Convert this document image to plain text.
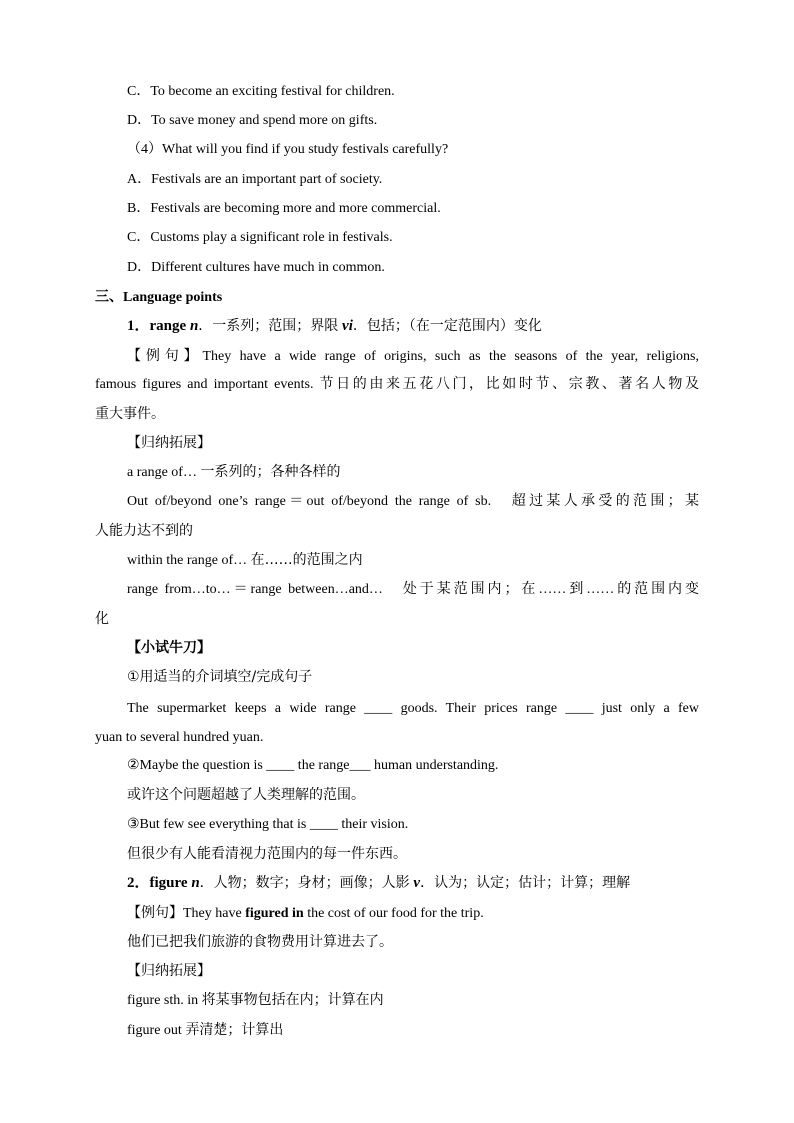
C．To become an exciting festival for children.
D．To save money and spend more on gifts.
（4）What will you find if you study festivals carefully?
A．Festivals are an important part of society.
B．Festivals are becoming more and more commercial.
C．Customs play a significant role in festivals.
D．Different cultures have much in common.
三、Language points
1．range n．一系列；范围；界限 vi．包括；（在一定范围内）变化
【例句】They have a wide range of origins, such as the seasons of the year, religions,
famous figures and important events. 节日的由来五花八门，比如时节、宗教、著名人物及
重大事件。
【归纳拓展】
a range of… 一系列的；各种各样的
Out of/beyond one’s range＝out of/beyond the range of sb.　超过某人承受的范围；某
人能力达不到的
within the range of… 在……的范围之内
range from…to…＝range between…and…　处于某范围内；在……到……的范围内变
化
【小试牛刀】
①用适当的介词填空/完成句子
The supermarket keeps a wide range ____ goods. Their prices range ____ just only a few
yuan to several hundred yuan.
②Maybe the question is ____ the range___ human understanding.
或许这个问题超越了人类理解的范围。
③But few see everything that is ____ their vision.
但很少有人能看清视力范围内的每一件东西。
2．figure n．人物；数字；身材；画像；人影 v．认为；认定；估计；计算；理解
【例句】They have figured in the cost of our food for the trip.
他们已把我们旅游的食物费用计算进去了。
【归纳拓展】
figure sth. in 将某事物包括在内；计算在内
figure out 弄清楚；计算出
